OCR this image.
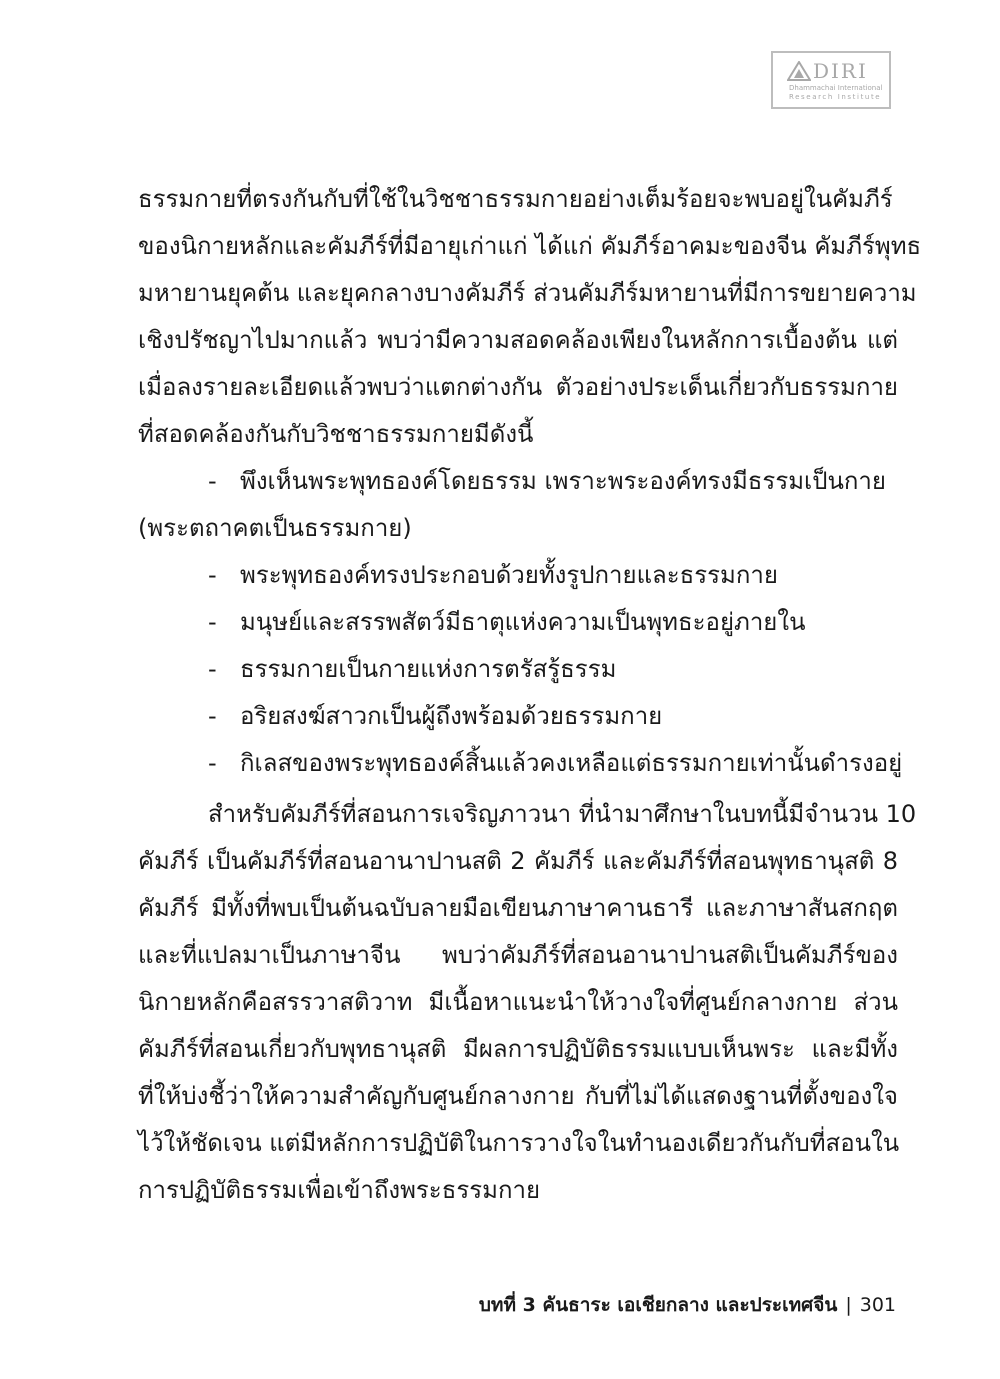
DIRI
Dhammachai International
Research Institute
ธรรมกายที่ตรงกันกับที่ใช้ในวิชชาธรรมกายอย่างเต็มร้อยจะพบอยู่ในคัมภีร์
ของนิกายหลักและคัมภีร์ที่มีอายุเก่าแก่ ได้แก่ คัมภีร์อาคมะของจีน คัมภีร์พุทธ
มหายานยุคต้น และยุคกลางบางคัมภีร์ ส่วนคัมภีร์มหายานที่มีการขยายความ
เชิงปรัชญาไปมากแล้ว พบว่ามีความสอดคล้องเพียงในหลักการเบื้องต้น แต่
เมื่อลงรายละเอียดแล้วพบว่าแตกต่างกัน ตัวอย่างประเด็นเกี่ยวกับธรรมกาย
ที่สอดคล้องกันกับวิชชาธรรมกายมีดังนี้
- พึงเห็นพระพุทธองค์โดยธรรม เพราะพระองค์ทรงมีธรรมเป็นกาย
(พระตถาคตเป็นธรรมกาย)
- พระพุทธองค์ทรงประกอบด้วยทั้งรูปกายและธรรมกาย
- มนุษย์และสรรพสัตว์มีธาตุแห่งความเป็นพุทธะอยู่ภายใน
- ธรรมกายเป็นกายแห่งการตรัสรู้ธรรม
- อริยสงฆ์สาวกเป็นผู้ถึงพร้อมด้วยธรรมกาย
- กิเลสของพระพุทธองค์สิ้นแล้วคงเหลือแต่ธรรมกายเท่านั้นดำรงอยู่
สำหรับคัมภีร์ที่สอนการเจริญภาวนา ที่นำมาศึกษาในบทนี้มีจำนวน 10
คัมภีร์ เป็นคัมภีร์ที่สอนอานาปานสติ 2 คัมภีร์ และคัมภีร์ที่สอนพุทธานุสติ 8
คัมภีร์ มีทั้งที่พบเป็นต้นฉบับลายมือเขียนภาษาคานธารี และภาษาสันสกฤต
และที่แปลมาเป็นภาษาจีน พบว่าคัมภีร์ที่สอนอานาปานสติเป็นคัมภีร์ของ
นิกายหลักคือสรรวาสติวาท มีเนื้อหาแนะนำให้วางใจที่ศูนย์กลางกาย ส่วน
คัมภีร์ที่สอนเกี่ยวกับพุทธานุสติ มีผลการปฏิบัติธรรมแบบเห็นพระ และมีทั้ง
ที่ให้บ่งชี้ว่าให้ความสำคัญกับศูนย์กลางกาย กับที่ไม่ได้แสดงฐานที่ตั้งของใจ
ไว้ให้ชัดเจน แต่มีหลักการปฏิบัติในการวางใจในทำนองเดียวกันกับที่สอนใน
การปฏิบัติธรรมเพื่อเข้าถึงพระธรรมกาย
บทที่ 3 คันธาระ เอเชียกลาง และประเทศจีน | 301
